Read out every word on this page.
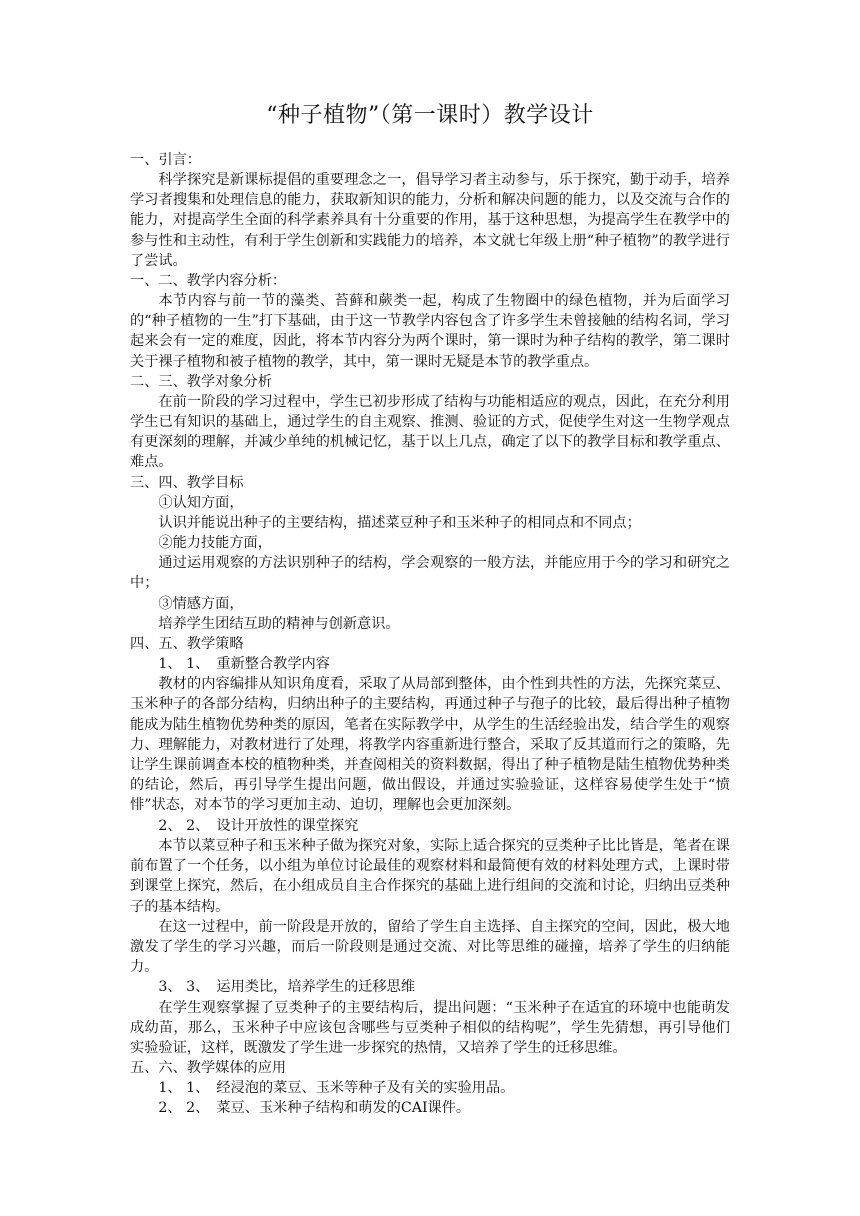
“种子植物”（第一课时）教学设计
一、引言：
科学探究是新课标提倡的重要理念之一，倡导学习者主动参与，乐于探究，勤于动手，培养学习者搜集和处理信息的能力，获取新知识的能力，分析和解决问题的能力，以及交流与合作的能力，对提高学生全面的科学素养具有十分重要的作用，基于这种思想，为提高学生在教学中的参与性和主动性，有利于学生创新和实践能力的培养，本文就七年级上册“种子植物”的教学进行了尝试。
一、二、教学内容分析：
本节内容与前一节的藻类、苔藓和蕨类一起，构成了生物圈中的绿色植物，并为后面学习的“种子植物的一生”打下基础，由于这一节教学内容包含了许多学生未曾接触的结构名词，学习起来会有一定的难度，因此，将本节内容分为两个课时，第一课时为种子结构的教学，第二课时关于裸子植物和被子植物的教学，其中，第一课时无疑是本节的教学重点。
二、三、教学对象分析
在前一阶段的学习过程中，学生已初步形成了结构与功能相适应的观点，因此，在充分利用学生已有知识的基础上，通过学生的自主观察、推测、验证的方式，促使学生对这一生物学观点有更深刻的理解，并减少单纯的机械记忆，基于以上几点，确定了以下的教学目标和教学重点、难点。
三、四、教学目标
①认知方面，
认识并能说出种子的主要结构，描述菜豆种子和玉米种子的相同点和不同点；
②能力技能方面，
通过运用观察的方法识别种子的结构，学会观察的一般方法，并能应用于今的学习和研究之中；
③情感方面，
培养学生团结互助的精神与创新意识。
四、五、教学策略
1、 1、　重新整合教学内容
教材的内容编排从知识角度看，采取了从局部到整体，由个性到共性的方法，先探究菜豆、玉米种子的各部分结构，归纳出种子的主要结构，再通过种子与孢子的比较，最后得出种子植物能成为陆生植物优势种类的原因，笔者在实际教学中，从学生的生活经验出发，结合学生的观察力、理解能力，对教材进行了处理，将教学内容重新进行整合，采取了反其道而行之的策略，先让学生课前调查本校的植物种类，并查阅相关的资料数据，得出了种子植物是陆生植物优势种类的结论，然后，再引导学生提出问题，做出假设，并通过实验验证，这样容易使学生处于“愤悱”状态，对本节的学习更加主动、迫切，理解也会更加深刻。
2、 2、　设计开放性的课堂探究
本节以菜豆种子和玉米种子做为探究对象，实际上适合探究的豆类种子比比皆是，笔者在课前布置了一个任务，以小组为单位讨论最佳的观察材料和最简便有效的材料处理方式，上课时带到课堂上探究，然后，在小组成员自主合作探究的基础上进行组间的交流和讨论，归纳出豆类种子的基本结构。
在这一过程中，前一阶段是开放的，留给了学生自主选择、自主探究的空间，因此，极大地激发了学生的学习兴趣，而后一阶段则是通过交流、对比等思维的碰撞，培养了学生的归纳能力。
3、 3、　运用类比，培养学生的迁移思维
在学生观察掌握了豆类种子的主要结构后，提出问题：“玉米种子在适宜的环境中也能萌发成幼苗，那么，玉米种子中应该包含哪些与豆类种子相似的结构呢”，学生先猜想，再引导他们实验验证，这样，既激发了学生进一步探究的热情，又培养了学生的迁移思维。
五、六、教学媒体的应用
1、 1、　经浸泡的菜豆、玉米等种子及有关的实验用品。
2、 2、　菜豆、玉米种子结构和萌发的CAI课件。
